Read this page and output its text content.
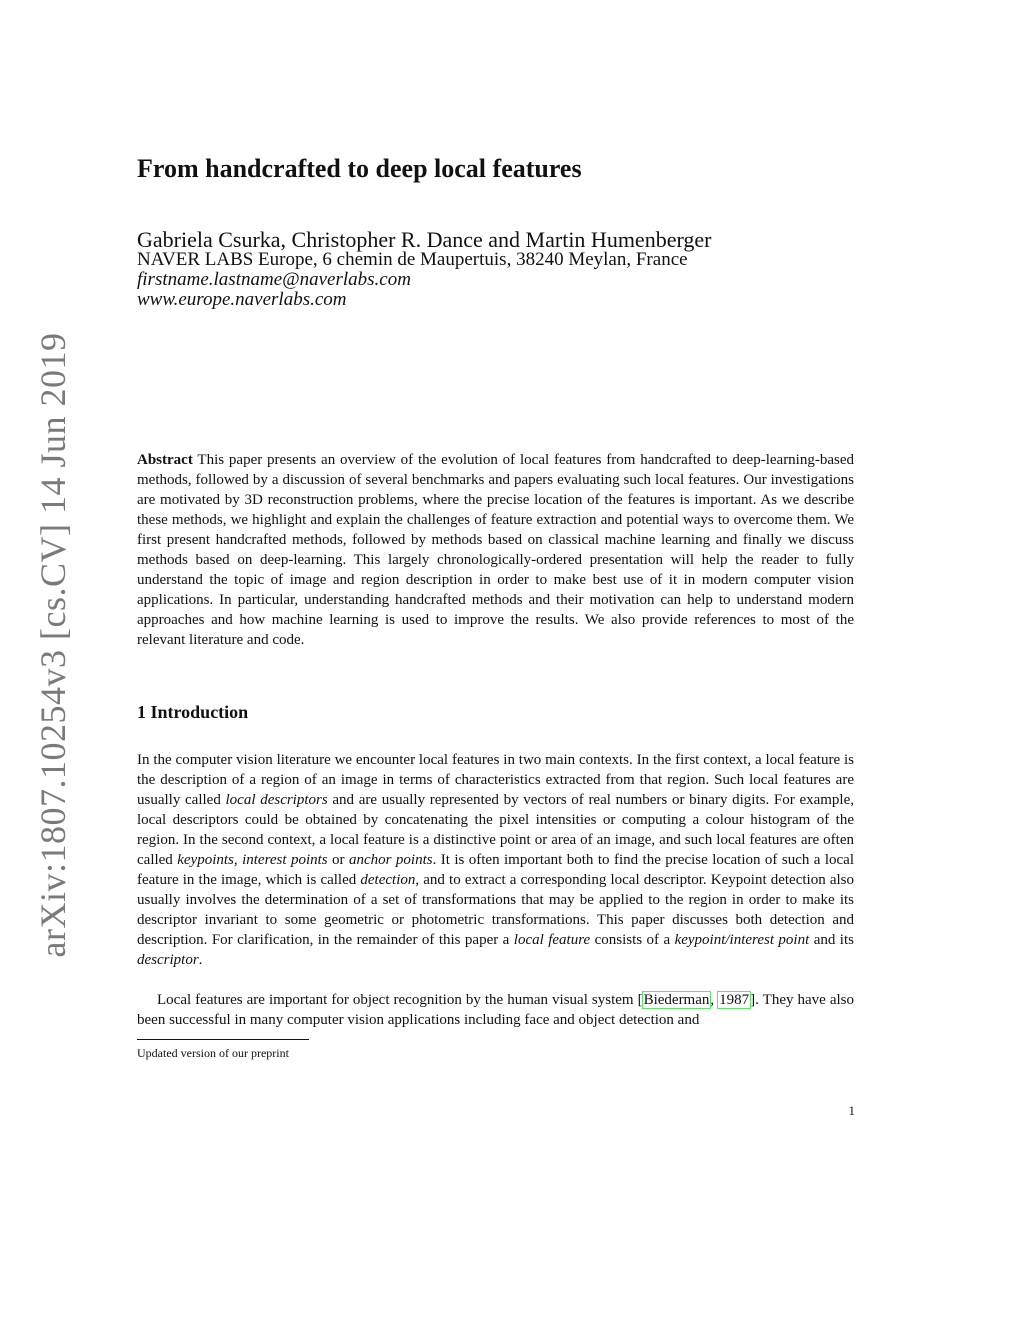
arXiv:1807.10254v3 [cs.CV] 14 Jun 2019
From handcrafted to deep local features
Gabriela Csurka, Christopher R. Dance and Martin Humenberger
NAVER LABS Europe, 6 chemin de Maupertuis, 38240 Meylan, France
firstname.lastname@naverlabs.com
www.europe.naverlabs.com

Abstract This paper presents an overview of the evolution of local features from handcrafted to deep-learning-based methods, followed by a discussion of several benchmarks and papers evaluating such local features. Our investigations are motivated by 3D reconstruction problems, where the precise location of the features is important. As we describe these methods, we highlight and explain the challenges of feature extraction and potential ways to overcome them. We first present handcrafted methods, followed by methods based on classical machine learning and finally we discuss methods based on deep-learning. This largely chronologically-ordered presentation will help the reader to fully understand the topic of image and region description in order to make best use of it in modern computer vision applications. In particular, understanding handcrafted methods and their motivation can help to understand modern approaches and how machine learning is used to improve the results. We also provide references to most of the relevant literature and code.

1 Introduction

In the computer vision literature we encounter local features in two main contexts. In the first context, a local feature is the description of a region of an image in terms of characteristics extracted from that region. Such local features are usually called local descriptors and are usually represented by vectors of real numbers or binary digits. For example, local descriptors could be obtained by concatenating the pixel intensities or computing a colour histogram of the region. In the second context, a local feature is a distinctive point or area of an image, and such local features are often called keypoints, interest points or anchor points. It is often important both to find the precise location of such a local feature in the image, which is called detection, and to extract a corresponding local descriptor. Keypoint detection also usually involves the determination of a set of transformations that may be applied to the region in order to make its descriptor invariant to some geometric or photometric transformations. This paper discusses both detection and description. For clarification, in the remainder of this paper a local feature consists of a keypoint/interest point and its descriptor.

Local features are important for object recognition by the human visual system [Biederman, 1987]. They have also been successful in many computer vision applications including face and object detection and

Updated version of our preprint
1
